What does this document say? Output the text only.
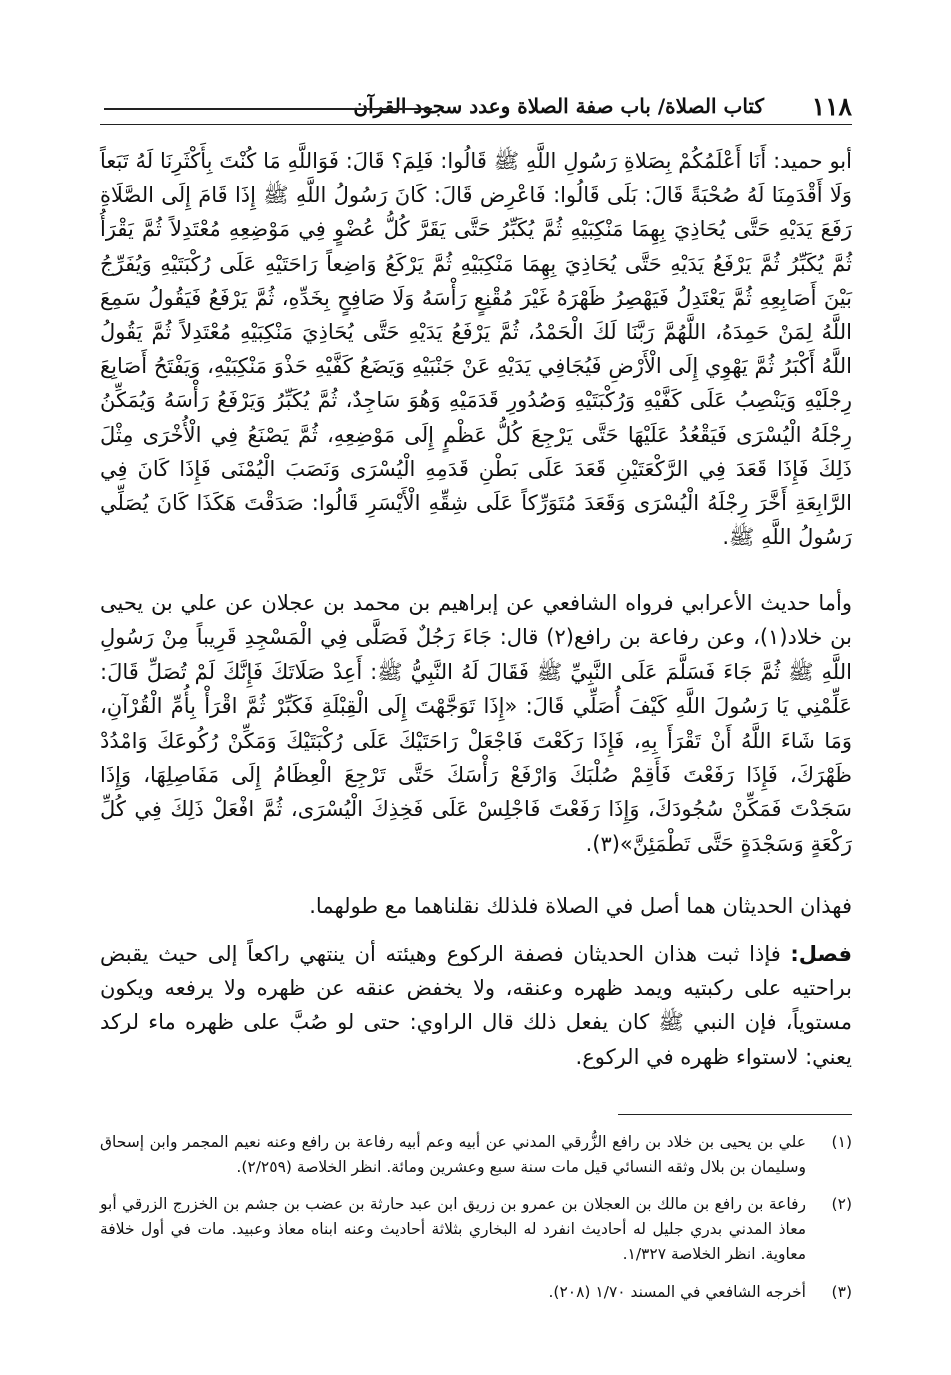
١١٨
كتاب الصلاة/ باب صفة الصلاة وعدد سجود القرآن

أبو حميد: أَنَا أَعْلَمُكُمْ بِصَلاةِ رَسُولِ اللَّهِ ﷺ قَالُوا: فَلِمَ؟ قَالَ: فَوَاللَّهِ مَا كُنْتَ بِأَكْثَرِنَا لَهُ تَبَعاً وَلَا أَقْدَمِنَا لَهُ صُحْبَةً قَالَ: بَلَى قَالُوا: فَاعْرِض قَالَ: كَانَ رَسُولُ اللَّهِ ﷺ إِذَا قَامَ إِلَى الصَّلَاةِ رَفَعَ يَدَيْهِ حَتَّى يُحَاذِيَ بِهِمَا مَنْكِبَيْهِ ثُمَّ يُكَبِّرُ حَتَّى يَقَرَّ كُلُّ عُضْوٍ فِي مَوْضِعِهِ مُعْتَدِلاً ثُمَّ يَقْرَأُ ثُمَّ يُكَبِّرُ ثُمَّ يَرْفَعُ يَدَيْهِ حَتَّى يُحَاذِيَ بِهِمَا مَنْكِبَيْهِ ثُمَّ يَرْكَعُ وَاضِعاً رَاحَتَيْهِ عَلَى رُكْبَتَيْهِ وَيُفَرِّجُ بَيْنَ أَصَابِعِهِ ثُمَّ يَعْتَدِلُ فَيَهْصِرُ ظَهْرَهُ غَيْرَ مُقْنِعٍ رَأْسَهُ وَلَا صَافِحٍ بِخَدِّهِ، ثُمَّ يَرْفَعُ فَيَقُولُ سَمِعَ اللَّهُ لِمَنْ حَمِدَهُ، اللَّهُمَّ رَبَّنَا لَكَ الْحَمْدُ، ثُمَّ يَرْفَعُ يَدَيْهِ حَتَّى يُحَاذِيَ مَنْكِبَيْهِ مُعْتَدِلاً ثُمَّ يَقُولُ اللَّهُ أَكْبَرُ ثُمَّ يَهْوِي إِلَى الْأَرْضِ فَيُجَافِي يَدَيْهِ عَنْ جَنْبَيْهِ وَيَضَعُ كَفَّيْهِ حَذْوَ مَنْكِبَيْهِ، وَيَفْتَحُ أَصَابِعَ رِجْلَيْهِ وَيَنْصِبُ عَلَى كَفَّيْهِ وَرُكْبَتَيْهِ وَصُدُورِ قَدَمَيْهِ وَهُوَ سَاجِدٌ، ثُمَّ يُكَبِّرُ وَيَرْفَعُ رَأْسَهُ وَيُمَكِّنُ رِجْلَهُ الْيُسْرَى فَيَقْعُدُ عَلَيْهَا حَتَّى يَرْجِعَ كُلُّ عَظْمٍ إِلَى مَوْضِعِهِ، ثُمَّ يَصْنَعُ فِي الْأُخْرَى مِثْلَ ذَلِكَ فَإِذَا قَعَدَ فِي الرَّكْعَتَيْنِ قَعَدَ عَلَى بَطْنِ قَدَمِهِ الْيُسْرَى وَنَصَبَ الْيُمْنَى فَإِذَا كَانَ فِي الرَّابِعَةِ أَخَّرَ رِجْلَهُ الْيُسْرَى وَقَعَدَ مُتَوَرِّكاً عَلَى شِقِّهِ الْأَيْسَرِ قَالُوا: صَدَقْتَ هَكَذَا كَانَ يُصَلِّي رَسُولُ اللَّهِ ﷺ.

وأما حديث الأعرابي فرواه الشافعي عن إبراهيم بن محمد بن عجلان عن علي بن يحيى بن خلاد(١)، وعن رفاعة بن رافع(٢) قال: جَاءَ رَجُلٌ فَصَلَّى فِي الْمَسْجِدِ قَرِيباً مِنْ رَسُولِ اللَّهِ ﷺ ثُمَّ جَاءَ فَسَلَّمَ عَلَى النَّبِيِّ ﷺ فَقَالَ لَهُ النَّبِيُّ ﷺ: أَعِدْ صَلَاتَكَ فَإِنَّكَ لَمْ تُصَلِّ قَالَ: عَلِّمْنِي يَا رَسُولَ اللَّهِ كَيْفَ أُصَلِّي قَالَ: «إِذَا تَوَجَّهْتَ إِلَى الْقِبْلَةِ فَكَبِّرْ ثُمَّ اقْرَأْ بِأُمِّ الْقُرْآنِ، وَمَا شَاءَ اللَّهُ أَنْ تَقْرَأَ بِهِ، فَإِذَا رَكَعْتَ فَاجْعَلْ رَاحَتَيْكَ عَلَى رُكْبَتَيْكَ وَمَكِّنْ رُكُوعَكَ وَامْدُدْ ظَهْرَكَ، فَإِذَا رَفَعْتَ فَأَقِمْ صُلْبَكَ وَارْفَعْ رَأْسَكَ حَتَّى تَرْجِعَ الْعِظَامُ إِلَى مَفَاصِلِهَا، وَإِذَا سَجَدْتَ فَمَكِّنْ سُجُودَكَ، وَإِذَا رَفَعْتَ فَاجْلِسْ عَلَى فَخِذِكَ الْيُسْرَى، ثُمَّ افْعَلْ ذَلِكَ فِي كُلِّ رَكْعَةٍ وَسَجْدَةٍ حَتَّى تَطْمَئِنَّ»(٣).

فهذان الحديثان هما أصل في الصلاة فلذلك نقلناهما مع طولهما.

فصل: فإذا ثبت هذان الحديثان فصفة الركوع وهيئته أن ينتهي راكعاً إلى حيث يقبض براحتيه على ركبتيه ويمد ظهره وعنقه، ولا يخفض عنقه عن ظهره ولا يرفعه ويكون مستوياً، فإن النبي ﷺ كان يفعل ذلك قال الراوي: حتى لو صُبَّ على ظهره ماء لركد يعني: لاستواء ظهره في الركوع.

(١)
علي بن يحيى بن خلاد بن رافع الزُّرقي المدني عن أبيه وعم أبيه رفاعة بن رافع وعنه نعيم المجمر وابن إسحاق وسليمان بن بلال وثقه النسائي قيل مات سنة سبع وعشرين ومائة. انظر الخلاصة (٢/٢٥٩).
(٢)
رفاعة بن رافع بن مالك بن العجلان بن عمرو بن زريق ابن عبد حارثة بن عضب بن جشم بن الخزرج الزرقي أبو معاذ المدني بدري جليل له أحاديث انفرد له البخاري بثلاثة أحاديث وعنه ابناه معاذ وعبيد. مات في أول خلافة معاوية. انظر الخلاصة ١/٣٢٧.
(٣)
أخرجه الشافعي في المسند ١/٧٠ (٢٠٨).
